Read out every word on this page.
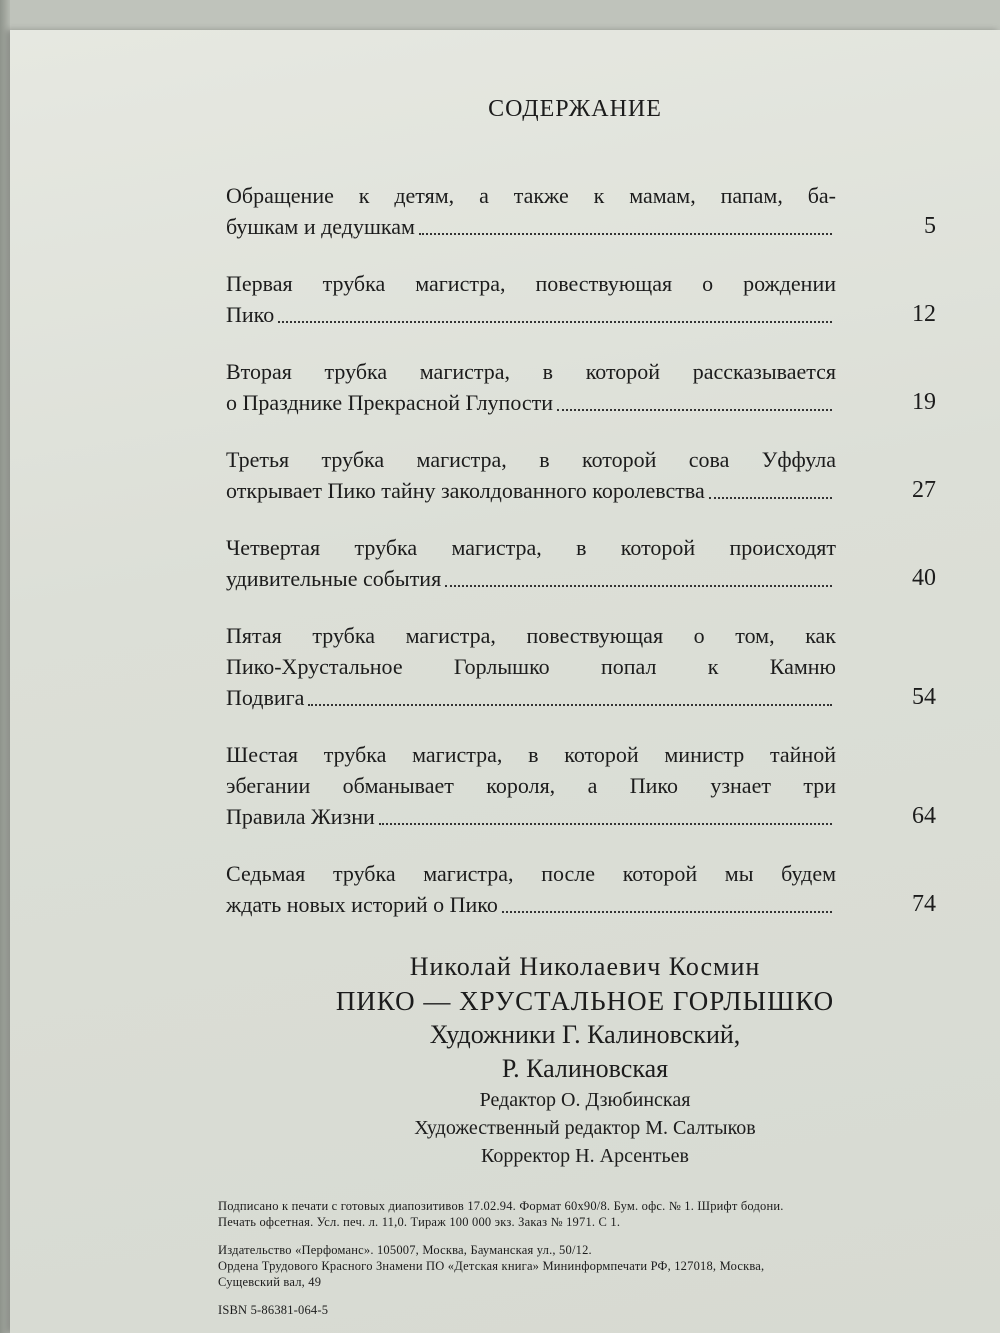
СОДЕРЖАНИЕ
Обращение к детям, а также к мамам, папам, ба-
бушкам и дедушкам	5
Первая трубка магистра, повествующая о рождении
Пико	12
Вторая трубка магистра, в которой рассказывается
о Празднике Прекрасной Глупости	19
Третья трубка магистра, в которой сова Уффула
открывает Пико тайну заколдованного королевства	27
Четвертая трубка магистра, в которой происходят
удивительные события	40
Пятая трубка магистра, повествующая о том, как
Пико-Хрустальное Горлышко попал к Камню
Подвига	54
Шестая трубка магистра, в которой министр тайной
эбегании обманывает короля, а Пико узнает три
Правила Жизни	64
Седьмая трубка магистра, после которой мы будем
ждать новых историй о Пико	74
Николай Николаевич Космин
ПИКО — ХРУСТАЛЬНОЕ ГОРЛЫШКО
Художники Г. Калиновский,
Р. Калиновская
Редактор О. Дзюбинская
Художественный редактор М. Салтыков
Корректор Н. Арсентьев

Подписано к печати с готовых диапозитивов 17.02.94. Формат 60х90/8. Бум. офс. № 1. Шрифт бодони.
Печать офсетная. Усл. печ. л. 11,0. Тираж 100 000 экз. Заказ № 1971. С 1.

Издательство «Перфоманс». 105007, Москва, Бауманская ул., 50/12.
Ордена Трудового Красного Знамени ПО «Детская книга» Мининформпечати РФ, 127018, Москва,
Сущевский вал, 49

ISBN 5-86381-064-5
